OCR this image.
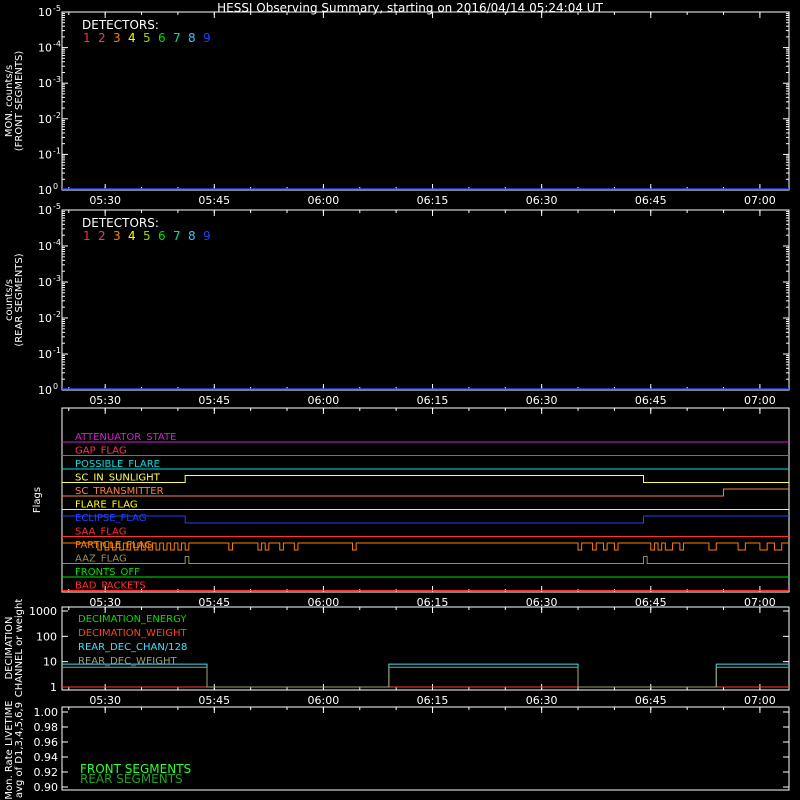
HESSI Observing Summary, starting on 2016/04/14 05:24:04 UT
05:30	05:45	06:00	06:15	06:30	06:45	07:00
10 0
10 -1
10 -2
10 -3
10 -4
10 -5
MON. counts/s (FRONT SEGMENTS)
DETECTORS:
1 2 3 4 5 6 7 8 9
05:30	05:45	06:00	06:15	06:30	06:45	07:00
10 0
10 -1
10 -2
10 -3
10 -4
10 -5
counts/s (REAR SEGMENTS)
DETECTORS:
1 2 3 4 5 6 7 8 9
05:30	05:45	06:00	06:15	06:30	06:45	07:00
Flags
ATTENUATOR_STATE
GAP_FLAG
POSSIBLE_FLARE
SC_IN_SUNLIGHT
SC_TRANSMITTER
FLARE_FLAG
ECLIPSE_FLAG
SAA_FLAG
PARTICLE_FLAG
AAZ_FLAG
FRONTS_OFF
BAD_PACKETS
05:30	05:45	06:00	06:15	06:30	06:45	07:00
1
10
100
1000
DECIMATION CHANNEL or weight	DECIMATION_ENERGY
DECIMATION_WEIGHT
REAR_DEC_CHAN/128
REAR_DEC_WEIGHT
0.90
0.92
0.94
0.96
0.98
1.00
Mon. Rate LIVETIME avg of D1,3,4,5,6,9	FRONT SEGMENTS
REAR SEGMENTS
